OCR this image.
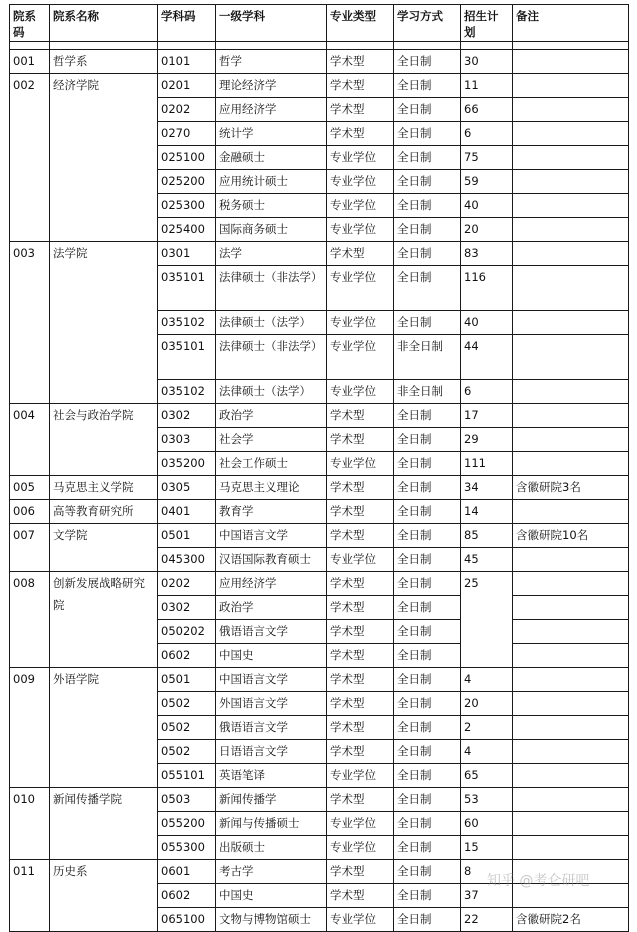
院系码	院系名称	学科码	一级学科	专业类型	学习方式	招生计划	备注

001	哲学系	0101	哲学	学术型	全日制	30	
002	经济学院	0201	理论经济学	学术型	全日制	11	
		0202	应用经济学	学术型	全日制	66	
		0270	统计学	学术型	全日制	6	
		025100	金融硕士	专业学位	全日制	75	
		025200	应用统计硕士	专业学位	全日制	59	
		025300	税务硕士	专业学位	全日制	40	
		025400	国际商务硕士	专业学位	全日制	20	
003	法学院	0301	法学	学术型	全日制	83	
		035101	法律硕士（非法学）	专业学位	全日制	116	
		035102	法律硕士（法学）	专业学位	全日制	40	
		035101	法律硕士（非法学）	专业学位	非全日制	44	
		035102	法律硕士（法学）	专业学位	非全日制	6	
004	社会与政治学院	0302	政治学	学术型	全日制	17	
		0303	社会学	学术型	全日制	29	
		035200	社会工作硕士	专业学位	全日制	111	
005	马克思主义学院	0305	马克思主义理论	学术型	全日制	34	含徽研院3名
006	高等教育研究所	0401	教育学	学术型	全日制	14	
007	文学院	0501	中国语言文学	学术型	全日制	85	含徽研院10名
		045300	汉语国际教育硕士	专业学位	全日制	45	
008	创新发展战略研究院	0202	应用经济学	学术型	全日制	25	
		0302	政治学	学术型	全日制		
		050202	俄语语言文学	学术型	全日制		
		0602	中国史	学术型	全日制		
009	外语学院	0501	中国语言文学	学术型	全日制	4	
		0502	外国语言文学	学术型	全日制	20	
		0502	俄语语言文学	学术型	全日制	2	
		0502	日语语言文学	学术型	全日制	4	
		055101	英语笔译	专业学位	全日制	65	
010	新闻传播学院	0503	新闻传播学	学术型	全日制	53	
		055200	新闻与传播硕士	专业学位	全日制	60	
		055300	出版硕士	专业学位	全日制	15	
011	历史系	0601	考古学	学术型	全日制	8	
		0602	中国史	学术型	全日制	37	
		065100	文物与博物馆硕士	专业学位	全日制	22	含徽研院2名
知乎 @考仑研吧
